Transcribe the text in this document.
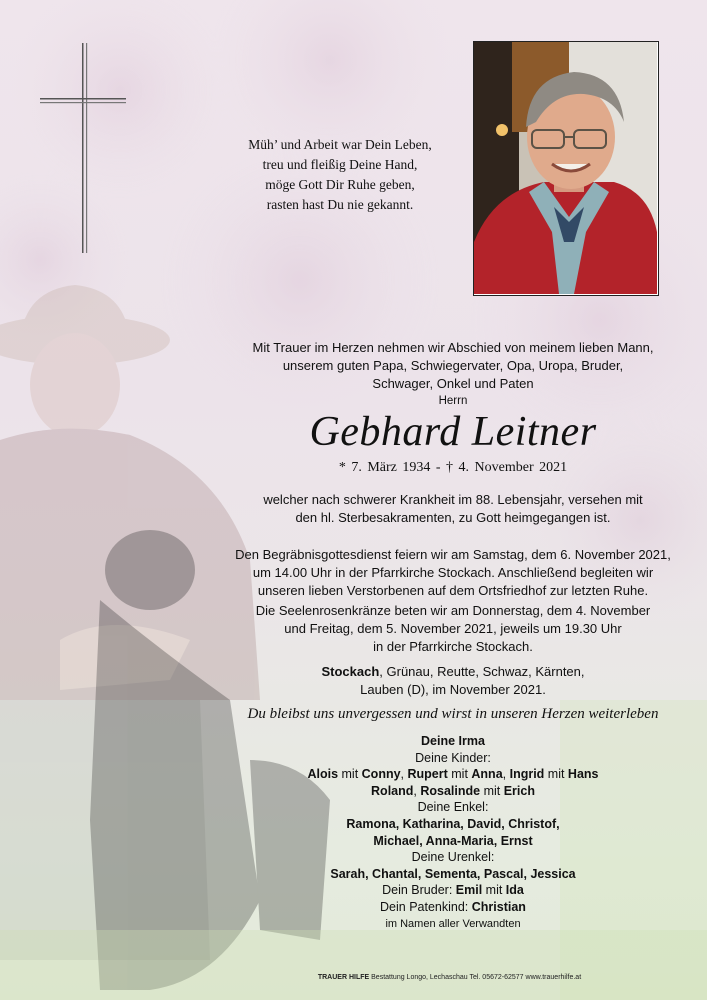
Müh’ und Arbeit war Dein Leben,
treu und fleißig Deine Hand,
möge Gott Dir Ruhe geben,
rasten hast Du nie gekannt.
Mit Trauer im Herzen nehmen wir Abschied von meinem lieben Mann,
unserem guten Papa, Schwiegervater, Opa, Uropa, Bruder,
Schwager, Onkel und Paten
Herrn
Gebhard Leitner
* 7. März 1934 - † 4. November 2021
welcher nach schwerer Krankheit im 88. Lebensjahr, versehen mit
den hl. Sterbesakramenten, zu Gott heimgegangen ist.
Den Begräbnisgottesdienst feiern wir am Samstag, dem 6. November 2021,
um 14.00 Uhr in der Pfarrkirche Stockach. Anschließend begleiten wir
unseren lieben Verstorbenen auf dem Ortsfriedhof zur letzten Ruhe.
Die Seelenrosenkränze beten wir am Donnerstag, dem 4. November
und Freitag, dem 5. November 2021, jeweils um 19.30 Uhr
in der Pfarrkirche Stockach.
Stockach, Grünau, Reutte, Schwaz, Kärnten,
Lauben (D), im November 2021.
Du bleibst uns unvergessen und wirst in unseren Herzen weiterleben
Deine Irma
Deine Kinder:
Alois mit Conny, Rupert mit Anna, Ingrid mit Hans
Roland, Rosalinde mit Erich
Deine Enkel:
Ramona, Katharina, David, Christof,
Michael, Anna-Maria, Ernst
Deine Urenkel:
Sarah, Chantal, Sementa, Pascal, Jessica
Dein Bruder: Emil mit Ida
Dein Patenkind: Christian
im Namen aller Verwandten
TRAUER HILFE Bestattung Longo, Lechaschau Tel. 05672-62577 www.trauerhilfe.at
